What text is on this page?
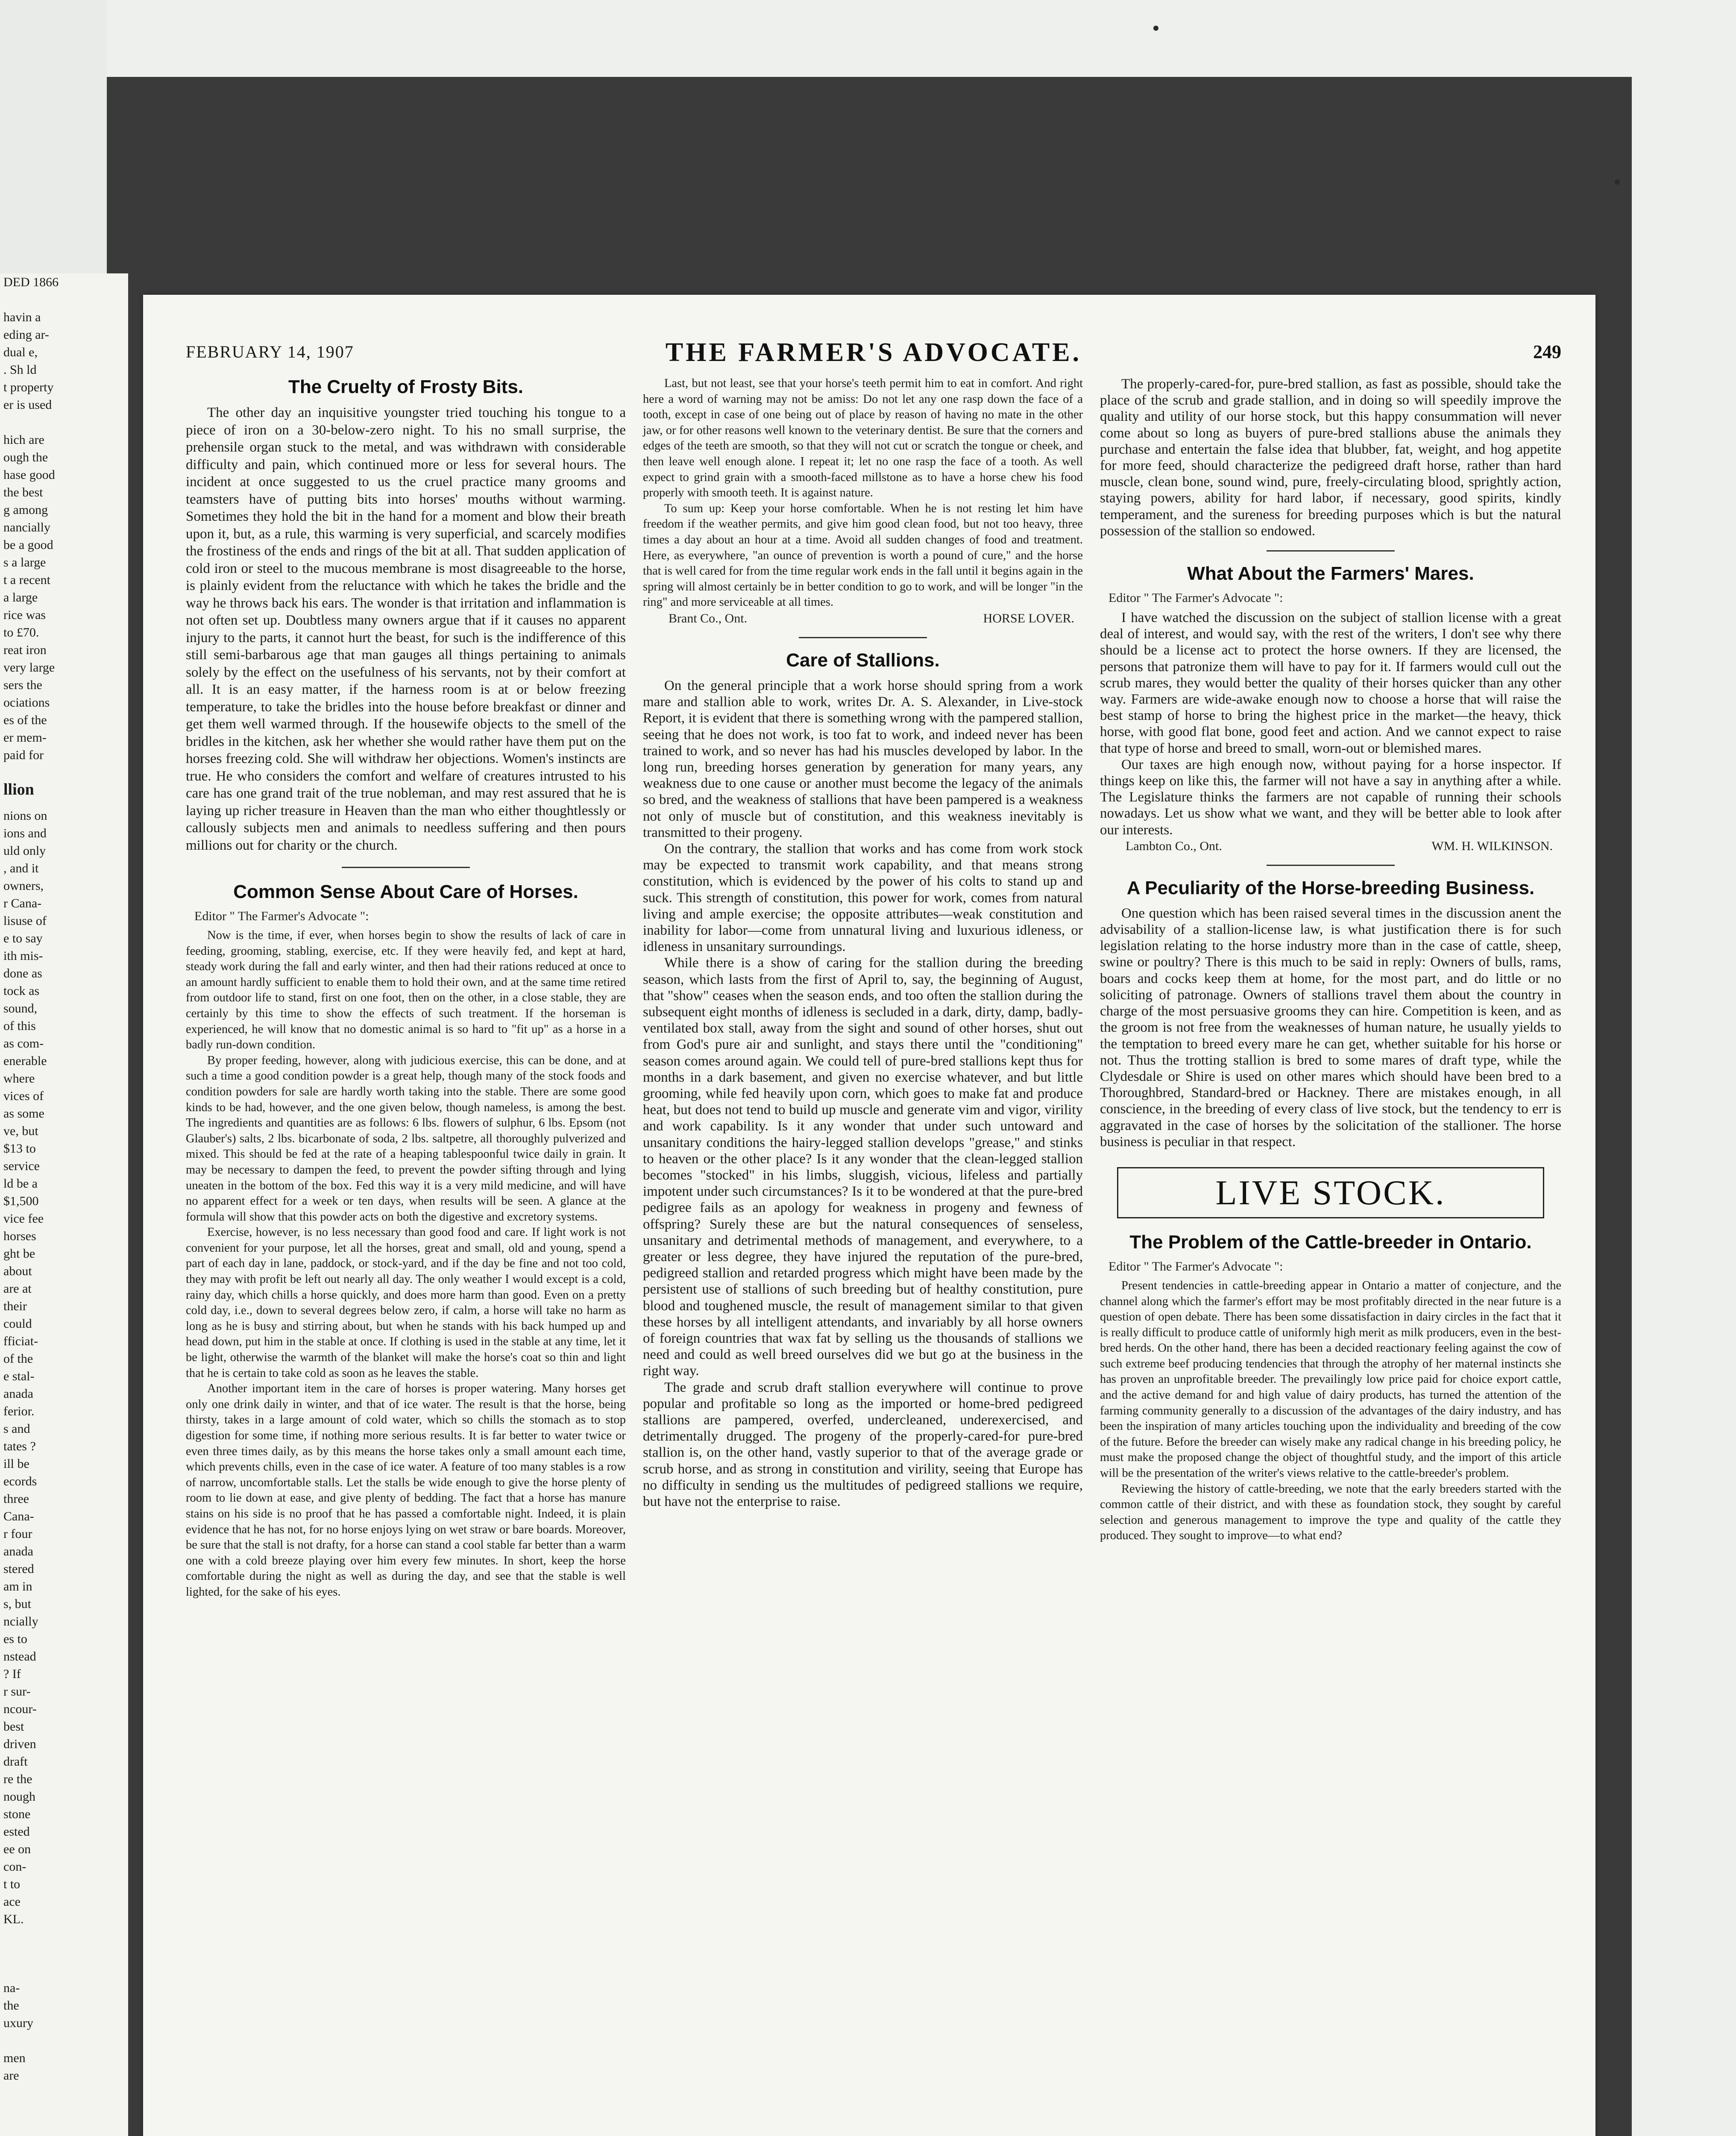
DED 1866

havin a
eding ar-
dual e,
. Sh ld
t property
er is used

hich are
ough the
hase good
the best
g among
nancially
be a good
s a large
t a recent
a large
rice was
to £70.
reat iron
very large
sers the
ociations
es of the
er mem-
paid for
llion
nions on
ions and
uld only
, and it
owners,
r Cana-
lisuse of
e to say
ith mis-
done as
tock as
sound,
of this
as com-
enerable
where
vices of
as some
ve, but
$13 to
service
ld be a
$1,500
vice fee
horses
ght be
about
are at
their
could
fficiat-
of the
e stal-
anada
ferior.
s and
tates ?
ill be
ecords
three
Cana-
r four
anada
stered
am in
s, but
ncially
es to
nstead
? If
r sur-
ncour-
best
driven
draft
re the
nough
stone
ested
ee on
con-
t to
ace
KL.
na-
the
uxury

men
are
FEBRUARY 14, 1907	THE FARMER'S ADVOCATE.	249
The Cruelty of Frosty Bits.

The other day an inquisitive youngster tried touching his tongue to a piece of iron on a 30-below-zero night. To his no small surprise, the prehensile organ stuck to the metal, and was withdrawn with considerable difficulty and pain, which continued more or less for several hours. The incident at once suggested to us the cruel practice many grooms and teamsters have of putting bits into horses' mouths without warming. Sometimes they hold the bit in the hand for a moment and blow their breath upon it, but, as a rule, this warming is very superficial, and scarcely modifies the frostiness of the ends and rings of the bit at all. That sudden application of cold iron or steel to the mucous membrane is most disagreeable to the horse, is plainly evident from the reluctance with which he takes the bridle and the way he throws back his ears. The wonder is that irritation and inflammation is not often set up. Doubtless many owners argue that if it causes no apparent injury to the parts, it cannot hurt the beast, for such is the indifference of this still semi-barbarous age that man gauges all things pertaining to animals solely by the effect on the usefulness of his servants, not by their comfort at all. It is an easy matter, if the harness room is at or below freezing temperature, to take the bridles into the house before breakfast or dinner and get them well warmed through. If the housewife objects to the smell of the bridles in the kitchen, ask her whether she would rather have them put on the horses freezing cold. She will withdraw her objections. Women's instincts are true. He who considers the comfort and welfare of creatures intrusted to his care has one grand trait of the true nobleman, and may rest assured that he is laying up richer treasure in Heaven than the man who either thoughtlessly or callously subjects men and animals to needless suffering and then pours millions out for charity or the church.

Common Sense About Care of Horses.
Editor " The Farmer's Advocate ":

Now is the time, if ever, when horses begin to show the results of lack of care in feeding, grooming, stabling, exercise, etc. If they were heavily fed, and kept at hard, steady work during the fall and early winter, and then had their rations reduced at once to an amount hardly sufficient to enable them to hold their own, and at the same time retired from outdoor life to stand, first on one foot, then on the other, in a close stable, they are certainly by this time to show the effects of such treatment. If the horseman is experienced, he will know that no domestic animal is so hard to "fit up" as a horse in a badly run-down condition.

By proper feeding, however, along with judicious exercise, this can be done, and at such a time a good condition powder is a great help, though many of the stock foods and condition powders for sale are hardly worth taking into the stable. There are some good kinds to be had, however, and the one given below, though nameless, is among the best. The ingredients and quantities are as follows: 6 lbs. flowers of sulphur, 6 lbs. Epsom (not Glauber's) salts, 2 lbs. bicarbonate of soda, 2 lbs. saltpetre, all thoroughly pulverized and mixed. This should be fed at the rate of a heaping tablespoonful twice daily in grain. It may be necessary to dampen the feed, to prevent the powder sifting through and lying uneaten in the bottom of the box. Fed this way it is a very mild medicine, and will have no apparent effect for a week or ten days, when results will be seen. A glance at the formula will show that this powder acts on both the digestive and excretory systems.

Exercise, however, is no less necessary than good food and care. If light work is not convenient for your purpose, let all the horses, great and small, old and young, spend a part of each day in lane, paddock, or stock-yard, and if the day be fine and not too cold, they may with profit be left out nearly all day. The only weather I would except is a cold, rainy day, which chills a horse quickly, and does more harm than good. Even on a pretty cold day, i.e., down to several degrees below zero, if calm, a horse will take no harm as long as he is busy and stirring about, but when he stands with his back humped up and head down, put him in the stable at once. If clothing is used in the stable at any time, let it be light, otherwise the warmth of the blanket will make the horse's coat so thin and light that he is certain to take cold as soon as he leaves the stable.

Another important item in the care of horses is proper watering. Many horses get only one drink daily in winter, and that of ice water. The result is that the horse, being thirsty, takes in a large amount of cold water, which so chills the stomach as to stop digestion for some time, if nothing more serious results. It is far better to water twice or even three times daily, as by this means the horse takes only a small amount each time, which prevents chills, even in the case of ice water. A feature of too many stables is a row of narrow, uncomfortable stalls. Let the stalls be wide enough to give the horse plenty of room to lie down at ease, and give plenty of bedding. The fact that a horse has manure stains on his side is no proof that he has passed a comfortable night. Indeed, it is plain evidence that he has not, for no horse enjoys lying on wet straw or bare boards. Moreover, be sure that the stall is not drafty, for a horse can stand a cool stable far better than a warm one with a cold breeze playing over him every few minutes. In short, keep the horse comfortable during the night as well as during the day, and see that the stable is well lighted, for the sake of his eyes.

Last, but not least, see that your horse's teeth permit him to eat in comfort. And right here a word of warning may not be amiss: Do not let any one rasp down the face of a tooth, except in case of one being out of place by reason of having no mate in the other jaw, or for other reasons well known to the veterinary dentist. Be sure that the corners and edges of the teeth are smooth, so that they will not cut or scratch the tongue or cheek, and then leave well enough alone. I repeat it; let no one rasp the face of a tooth. As well expect to grind grain with a smooth-faced millstone as to have a horse chew his food properly with smooth teeth. It is against nature.

To sum up: Keep your horse comfortable. When he is not resting let him have freedom if the weather permits, and give him good clean food, but not too heavy, three times a day about an hour at a time. Avoid all sudden changes of food and treatment. Here, as everywhere, "an ounce of prevention is worth a pound of cure," and the horse that is well cared for from the time regular work ends in the fall until it begins again in the spring will almost certainly be in better condition to go to work, and will be longer "in the ring" and more serviceable at all times.

Brant Co., Ont.	HORSE LOVER.
Care of Stallions.

On the general principle that a work horse should spring from a work mare and stallion able to work, writes Dr. A. S. Alexander, in Live-stock Report, it is evident that there is something wrong with the pampered stallion, seeing that he does not work, is too fat to work, and indeed never has been trained to work, and so never has had his muscles developed by labor. In the long run, breeding horses generation by generation for many years, any weakness due to one cause or another must become the legacy of the animals so bred, and the weakness of stallions that have been pampered is a weakness not only of muscle but of constitution, and this weakness inevitably is transmitted to their progeny.

On the contrary, the stallion that works and has come from work stock may be expected to transmit work capability, and that means strong constitution, which is evidenced by the power of his colts to stand up and suck. This strength of constitution, this power for work, comes from natural living and ample exercise; the opposite attributes—weak constitution and inability for labor—come from unnatural living and luxurious idleness, or idleness in unsanitary surroundings.

While there is a show of caring for the stallion during the breeding season, which lasts from the first of April to, say, the beginning of August, that "show" ceases when the season ends, and too often the stallion during the subsequent eight months of idleness is secluded in a dark, dirty, damp, badly-ventilated box stall, away from the sight and sound of other horses, shut out from God's pure air and sunlight, and stays there until the "conditioning" season comes around again. We could tell of pure-bred stallions kept thus for months in a dark basement, and given no exercise whatever, and but little grooming, while fed heavily upon corn, which goes to make fat and produce heat, but does not tend to build up muscle and generate vim and vigor, virility and work capability. Is it any wonder that under such untoward and unsanitary conditions the hairy-legged stallion develops "grease," and stinks to heaven or the other place? Is it any wonder that the clean-legged stallion becomes "stocked" in his limbs, sluggish, vicious, lifeless and partially impotent under such circumstances? Is it to be wondered at that the pure-bred pedigree fails as an apology for weakness in progeny and fewness of offspring? Surely these are but the natural consequences of senseless, unsanitary and detrimental methods of management, and everywhere, to a greater or less degree, they have injured the reputation of the pure-bred, pedigreed stallion and retarded progress which might have been made by the persistent use of stallions of such breeding but of healthy constitution, pure blood and toughened muscle, the result of management similar to that given these horses by all intelligent attendants, and invariably by all horse owners of foreign countries that wax fat by selling us the thousands of stallions we need and could as well breed ourselves did we but go at the business in the right way.

The grade and scrub draft stallion everywhere will continue to prove popular and profitable so long as the imported or home-bred pedigreed stallions are pampered, overfed, undercleaned, underexercised, and detrimentally drugged. The progeny of the properly-cared-for pure-bred stallion is, on the other hand, vastly superior to that of the average grade or scrub horse, and as strong in constitution and virility, seeing that Europe has no difficulty in sending us the multitudes of pedigreed stallions we require, but have not the enterprise to raise.

The properly-cared-for, pure-bred stallion, as fast as possible, should take the place of the scrub and grade stallion, and in doing so will speedily improve the quality and utility of our horse stock, but this happy consummation will never come about so long as buyers of pure-bred stallions abuse the animals they purchase and entertain the false idea that blubber, fat, weight, and hog appetite for more feed, should characterize the pedigreed draft horse, rather than hard muscle, clean bone, sound wind, pure, freely-circulating blood, sprightly action, staying powers, ability for hard labor, if necessary, good spirits, kindly temperament, and the sureness for breeding purposes which is but the natural possession of the stallion so endowed.

What About the Farmers' Mares.
Editor " The Farmer's Advocate ":

I have watched the discussion on the subject of stallion license with a great deal of interest, and would say, with the rest of the writers, I don't see why there should be a license act to protect the horse owners. If they are licensed, the persons that patronize them will have to pay for it. If farmers would cull out the scrub mares, they would better the quality of their horses quicker than any other way. Farmers are wide-awake enough now to choose a horse that will raise the best stamp of horse to bring the highest price in the market—the heavy, thick horse, with good flat bone, good feet and action. And we cannot expect to raise that type of horse and breed to small, worn-out or blemished mares.

Our taxes are high enough now, without paying for a horse inspector. If things keep on like this, the farmer will not have a say in anything after a while. The Legislature thinks the farmers are not capable of running their schools nowadays. Let us show what we want, and they will be better able to look after our interests.

Lambton Co., Ont.	WM. H. WILKINSON.
A Peculiarity of the Horse-breeding Business.

One question which has been raised several times in the discussion anent the advisability of a stallion-license law, is what justification there is for such legislation relating to the horse industry more than in the case of cattle, sheep, swine or poultry? There is this much to be said in reply: Owners of bulls, rams, boars and cocks keep them at home, for the most part, and do little or no soliciting of patronage. Owners of stallions travel them about the country in charge of the most persuasive grooms they can hire. Competition is keen, and as the groom is not free from the weaknesses of human nature, he usually yields to the temptation to breed every mare he can get, whether suitable for his horse or not. Thus the trotting stallion is bred to some mares of draft type, while the Clydesdale or Shire is used on other mares which should have been bred to a Thoroughbred, Standard-bred or Hackney. There are mistakes enough, in all conscience, in the breeding of every class of live stock, but the tendency to err is aggravated in the case of horses by the solicitation of the stallioner. The horse business is peculiar in that respect.

LIVE STOCK.
The Problem of the Cattle-breeder in Ontario.
Editor " The Farmer's Advocate ":

Present tendencies in cattle-breeding appear in Ontario a matter of conjecture, and the channel along which the farmer's effort may be most profitably directed in the near future is a question of open debate. There has been some dissatisfaction in dairy circles in the fact that it is really difficult to produce cattle of uniformly high merit as milk producers, even in the best-bred herds. On the other hand, there has been a decided reactionary feeling against the cow of such extreme beef producing tendencies that through the atrophy of her maternal instincts she has proven an unprofitable breeder. The prevailingly low price paid for choice export cattle, and the active demand for and high value of dairy products, has turned the attention of the farming community generally to a discussion of the advantages of the dairy industry, and has been the inspiration of many articles touching upon the individuality and breeding of the cow of the future. Before the breeder can wisely make any radical change in his breeding policy, he must make the proposed change the object of thoughtful study, and the import of this article will be the presentation of the writer's views relative to the cattle-breeder's problem.

Reviewing the history of cattle-breeding, we note that the early breeders started with the common cattle of their district, and with these as foundation stock, they sought by careful selection and generous management to improve the type and quality of the cattle they produced. They sought to improve—to what end?
